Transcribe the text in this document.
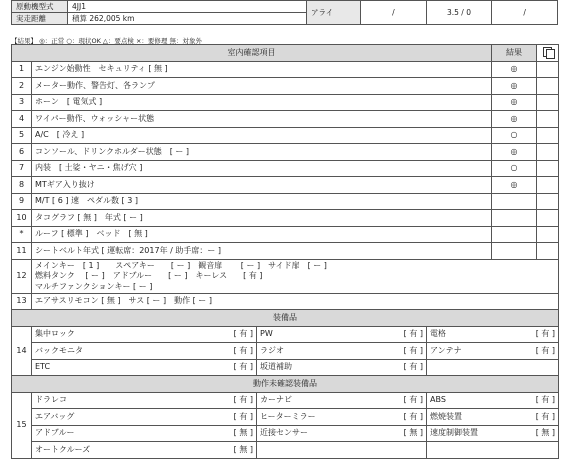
原動機型式	4JJ1	アライ	/	3.5 / 0	/
実走距離	積算 262,005 km				
【結果】 ◎：正常 ○：現状OK △：要点検 ×：要修理 無：対象外
室内確認項目				結果	
1	エンジン始動性　セキュリティ [ 無 ]			◎	
2	メーター動作、警告灯、各ランプ			◎	
3	ホーン　[ 電気式 ]			◎	
4	ワイパー動作、ウォッシャー状態			◎	
5	A/C　[ 冷え ]			○	
6	コンソール、ドリンクホルダー状態　[ ー ]			◎	
7	内装　[ 土娑・ヤニ・焦げ穴 ]			○	
8	MTギア入り抜け			◎	
9	M/T [ 6 ] 速　ペダル数 [ 3 ]				
10	タコグラフ [ 無 ]　年式 [ ー ]				
*	ルーフ [ 標準 ]　ベッド　[ 無 ]				
11	シートベルト年式 [ 運転席：2017年 / 助手席：ー ]				
12	メインキー　[ 1 ]　　スペアキー　　[ ー ]　観音扉　　 [ ー ]　サイド扉　[ ー ]
燃料タンク　 [ ー ]　アドブルー　　[ ー ]　キーレス　　[ 有 ]
マルチファンクションキー [ ー ]				

13	エアサスリモコン [ 無 ]　サス [ ー ]　動作 [ ー ]				
装備品					
14	集中ロック [ 有 ]	PW [ 有 ]	電格 [ 有 ]		

	バックモニタ [ 有 ]	ラジオ [ 有 ]	アンテナ [ 有 ]		

	ETC [ 有 ]	坂道補助 [ 有 ]			

動作未確認装備品					
15	ドラレコ [ 有 ]	カーナビ [ 有 ]	ABS [ 有 ]		

	エアバッグ [ 有 ]	ヒーターミラー [ 有 ]	燃焼装置 [ 有 ]		

	アドブルー [ 無 ]	近接センサー [ 無 ]	速度制御装置 [ 無 ]		

	オートクルーズ [ 無 ]				
